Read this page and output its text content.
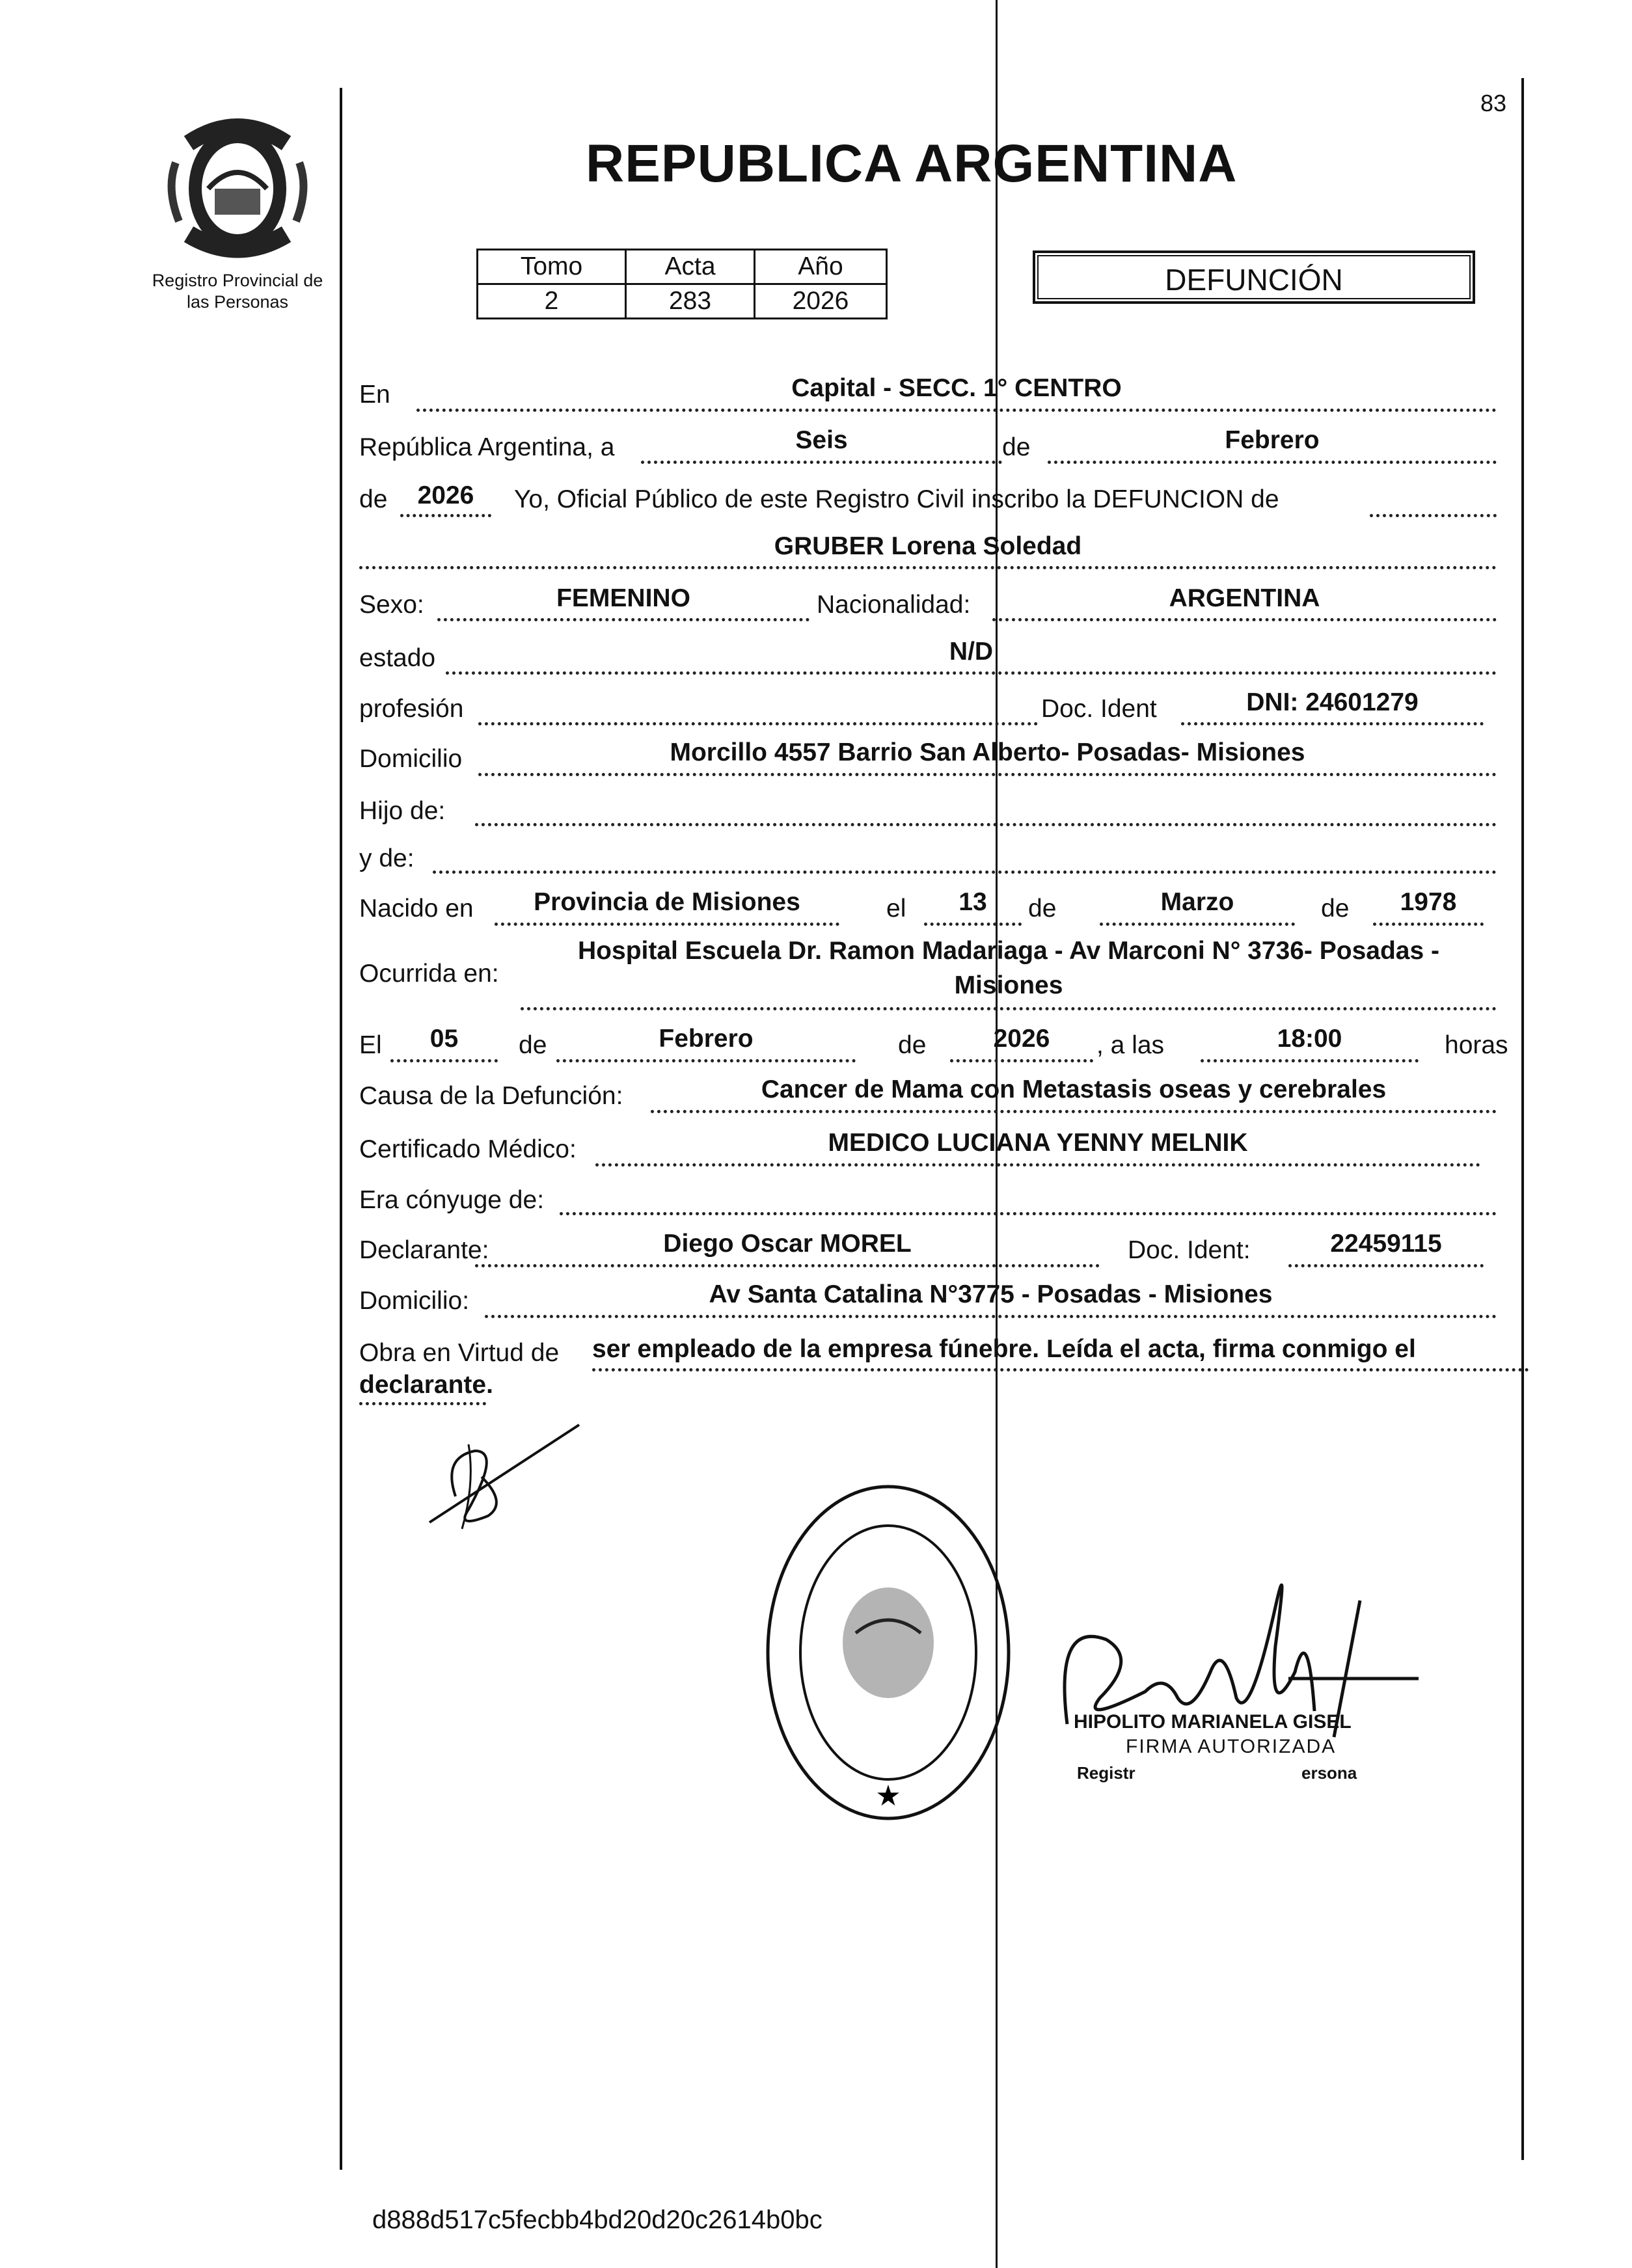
Registro Provincial de
las Personas
83
REPUBLICA ARGENTINA
Tomo	Acta	Año
2	283	2026
DEFUNCIÓN
En	Capital - SECC. 1° CENTRO
República Argentina, a	Seis	de	Febrero
de	2026	Yo, Oficial Público de este Registro Civil inscribo la DEFUNCION de
GRUBER Lorena Soledad
Sexo:	FEMENINO	Nacionalidad:	ARGENTINA
estado	N/D
profesión	Doc. Ident	DNI: 24601279
Domicilio	Morcillo 4557 Barrio San Alberto- Posadas- Misiones
Hijo de:
y de:
Nacido en	Provincia de Misiones	el	13	de	Marzo	de	1978
Ocurrida en:
Hospital Escuela Dr. Ramon Madariaga - Av Marconi N° 3736- Posadas -
Misiones
El	05	de	Febrero	de	2026	, a las	18:00	horas
Causa de la Defunción:	Cancer de Mama con Metastasis oseas y cerebrales
Certificado Médico:	MEDICO LUCIANA YENNY MELNIK
Era cónyuge de:
Declarante:	Diego Oscar MOREL	Doc. Ident:	22459115
Domicilio:	Av Santa Catalina N°3775 - Posadas - Misiones
Obra en Virtud de ser empleado de la empresa fúnebre. Leída el acta, firma conmigo el
declarante.
★
HIPOLITO MARIANELA GISEL
FIRMA AUTORIZADA
Registr	ersona
d888d517c5fecbb4bd20d20c2614b0bc
